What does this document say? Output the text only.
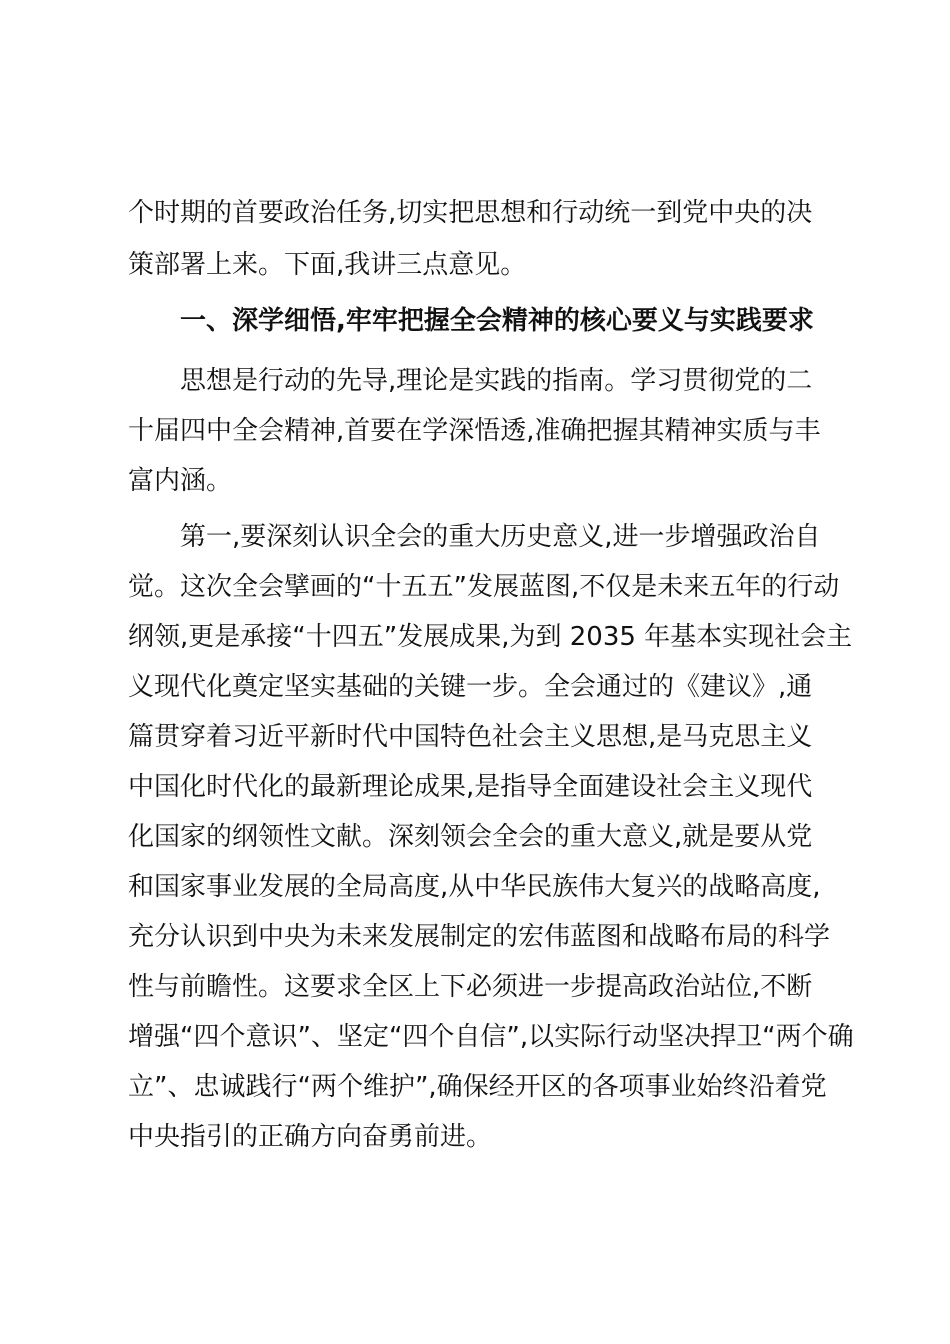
个时期的首要政治任务,切实把思想和行动统一到党中央的决
策部署上来。下面,我讲三点意见。
一、深学细悟,牢牢把握全会精神的核心要义与实践要求
思想是行动的先导,理论是实践的指南。学习贯彻党的二
十届四中全会精神,首要在学深悟透,准确把握其精神实质与丰
富内涵。
第一,要深刻认识全会的重大历史意义,进一步增强政治自
觉。这次全会擘画的“十五五”发展蓝图,不仅是未来五年的行动
纲领,更是承接“十四五”发展成果,为到 2035 年基本实现社会主
义现代化奠定坚实基础的关键一步。全会通过的《建议》,通
篇贯穿着习近平新时代中国特色社会主义思想,是马克思主义
中国化时代化的最新理论成果,是指导全面建设社会主义现代
化国家的纲领性文献。深刻领会全会的重大意义,就是要从党
和国家事业发展的全局高度,从中华民族伟大复兴的战略高度,
充分认识到中央为未来发展制定的宏伟蓝图和战略布局的科学
性与前瞻性。这要求全区上下必须进一步提高政治站位,不断
增强“四个意识”、坚定“四个自信”,以实际行动坚决捍卫“两个确
立”、忠诚践行“两个维护”,确保经开区的各项事业始终沿着党
中央指引的正确方向奋勇前进。
